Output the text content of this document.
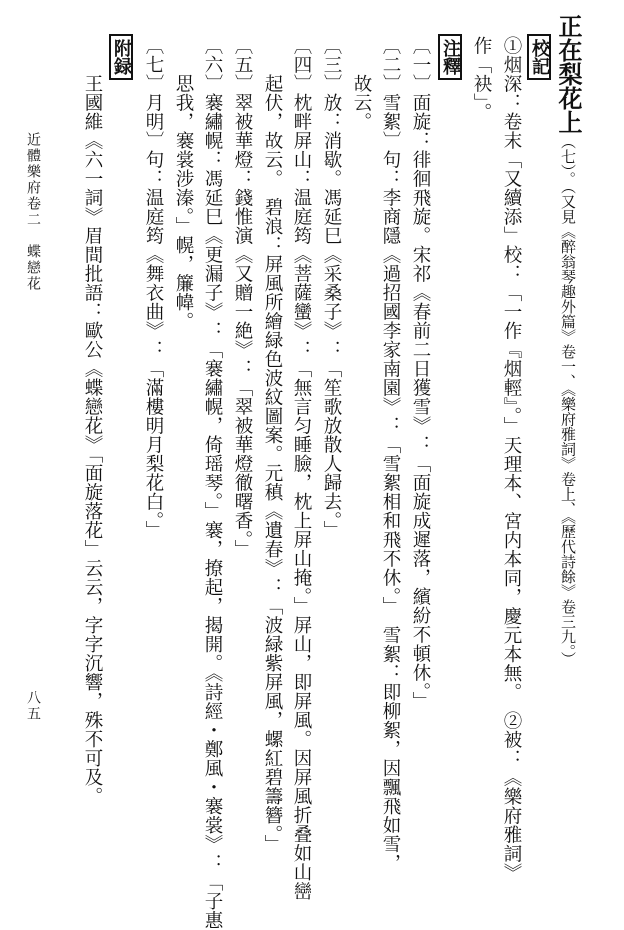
正在梨花上（七）。（又見《醉翁琴趣外篇》卷一、《樂府雅詞》卷上、《歷代詩餘》卷三九。）
校記
①烟深：卷末「又續添」校：「一作『烟輕』。」天理本、宮内本同，慶元本無。　②被：《樂府雅詞》
作「袂」。
注釋
〔一〕面旋：徘徊飛旋。宋祁《春前二日獲雪》：「面旋成遲落，繽紛不頓休。」
〔二〕雪絮〕句：李商隱《過招國李家南園》：「雪絮相和飛不休。」　雪絮：即柳絮，因飄飛如雪，
故云。
〔三〕放：消歇。馮延巳《采桑子》：「笙歌放散人歸去。」
〔四〕枕畔屏山：温庭筠《菩薩蠻》：「無言匀睡臉，枕上屏山掩。」屏山，即屏風。因屏風折叠如山巒
起伏，故云。　碧浪：屏風所繪緑色波紋圖案。元稹《遺春》：「波緑紫屏風，螺紅碧籌簪。」
〔五〕翠被華燈：錢惟演《又贈一絶》：「翠被華燈徹曙香。」
〔六〕褰繡幌：馮延巳《更漏子》：「褰繡幌，倚瑶琴。」褰，撩起，揭開。《詩經・鄭風・褰裳》：「子惠
思我，褰裳涉溱。」幌，簾幃。
〔七〕月明〕句：温庭筠《舞衣曲》：「滿樓明月梨花白。」
附録
王國維《六一詞》眉間批語：歐公《蝶戀花》「面旋落花」云云，字字沉響，殊不可及。
近體樂府卷二　蝶戀花
八五
